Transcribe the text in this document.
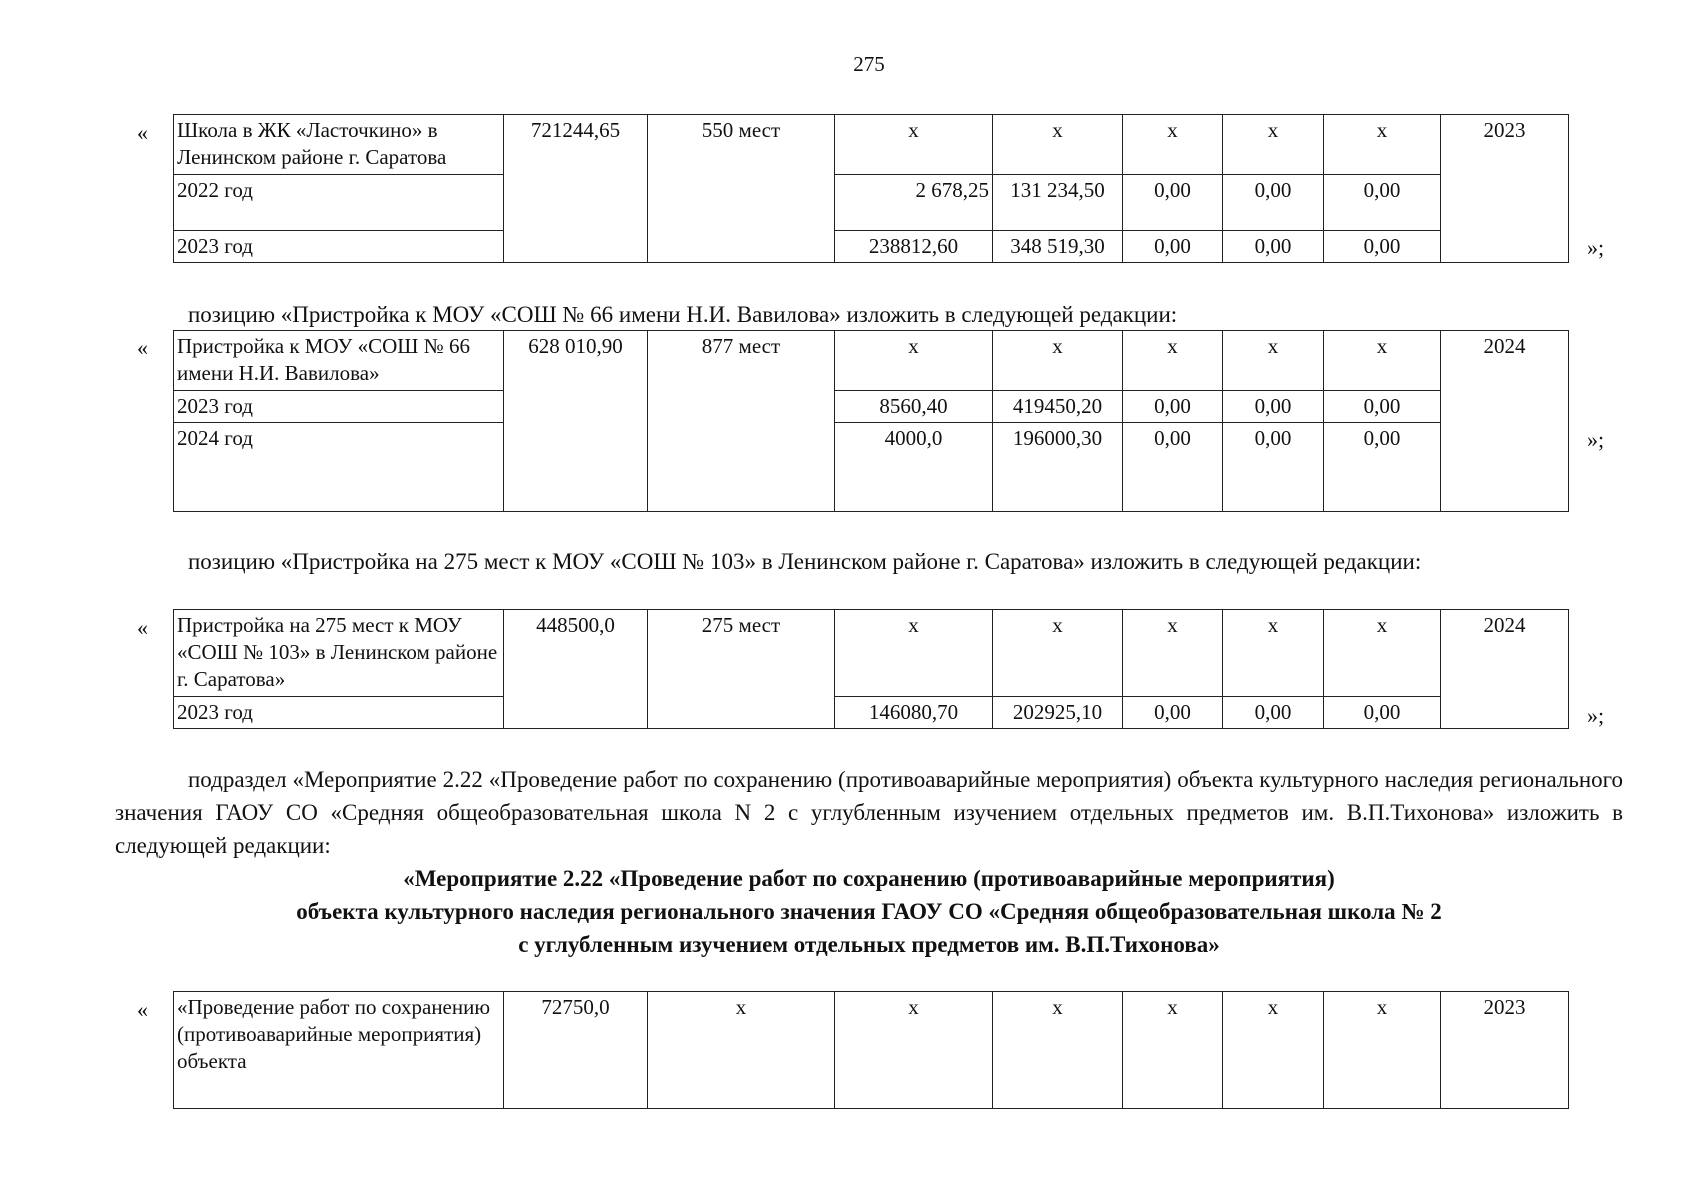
275
« Школа в ЖК «Ласточкино» в Ленинском районе г. Саратова	721244,65	550 мест	х	х	х	х	х	2023
2022 год			2 678,25	131 234,50	0,00	0,00	0,00	
2023 год			238812,60	348 519,30	0,00	0,00	0,00		»;
позицию «Пристройка к МОУ «СОШ № 66 имени Н.И. Вавилова» изложить в следующей редакции:
« Пристройка к МОУ «СОШ № 66 имени Н.И. Вавилова»	628 010,90	877 мест	х	х	х	х	х	2024
2023 год			8560,40	419450,20	0,00	0,00	0,00	
2024 год			4000,0	196000,30	0,00	0,00	0,00		»;
позицию «Пристройка на 275 мест к МОУ «СОШ № 103» в Ленинском районе г. Саратова» изложить в следующей редакции:
« Пристройка на 275 мест к МОУ «СОШ № 103» в Ленинском районе г. Саратова»	448500,0	275 мест	х	х	х	х	х	2024
2023 год			146080,70	202925,10	0,00	0,00	0,00		»;
подраздел «Мероприятие 2.22 «Проведение работ по сохранению (противоаварийные мероприятия) объекта культурного наследия регионального значения ГАОУ СО «Средняя общеобразовательная школа N 2 с углубленным изучением отдельных предметов им. В.П.Тихонова» изложить в следующей редакции:
«Мероприятие 2.22 «Проведение работ по сохранению (противоаварийные мероприятия)
объекта культурного наследия регионального значения ГАОУ СО «Средняя общеобразовательная школа № 2
с углубленным изучением отдельных предметов им. В.П.Тихонова»
« «Проведение работ по сохранению (противоаварийные мероприятия) объекта	72750,0	х	х	х	х	х	х	2023
